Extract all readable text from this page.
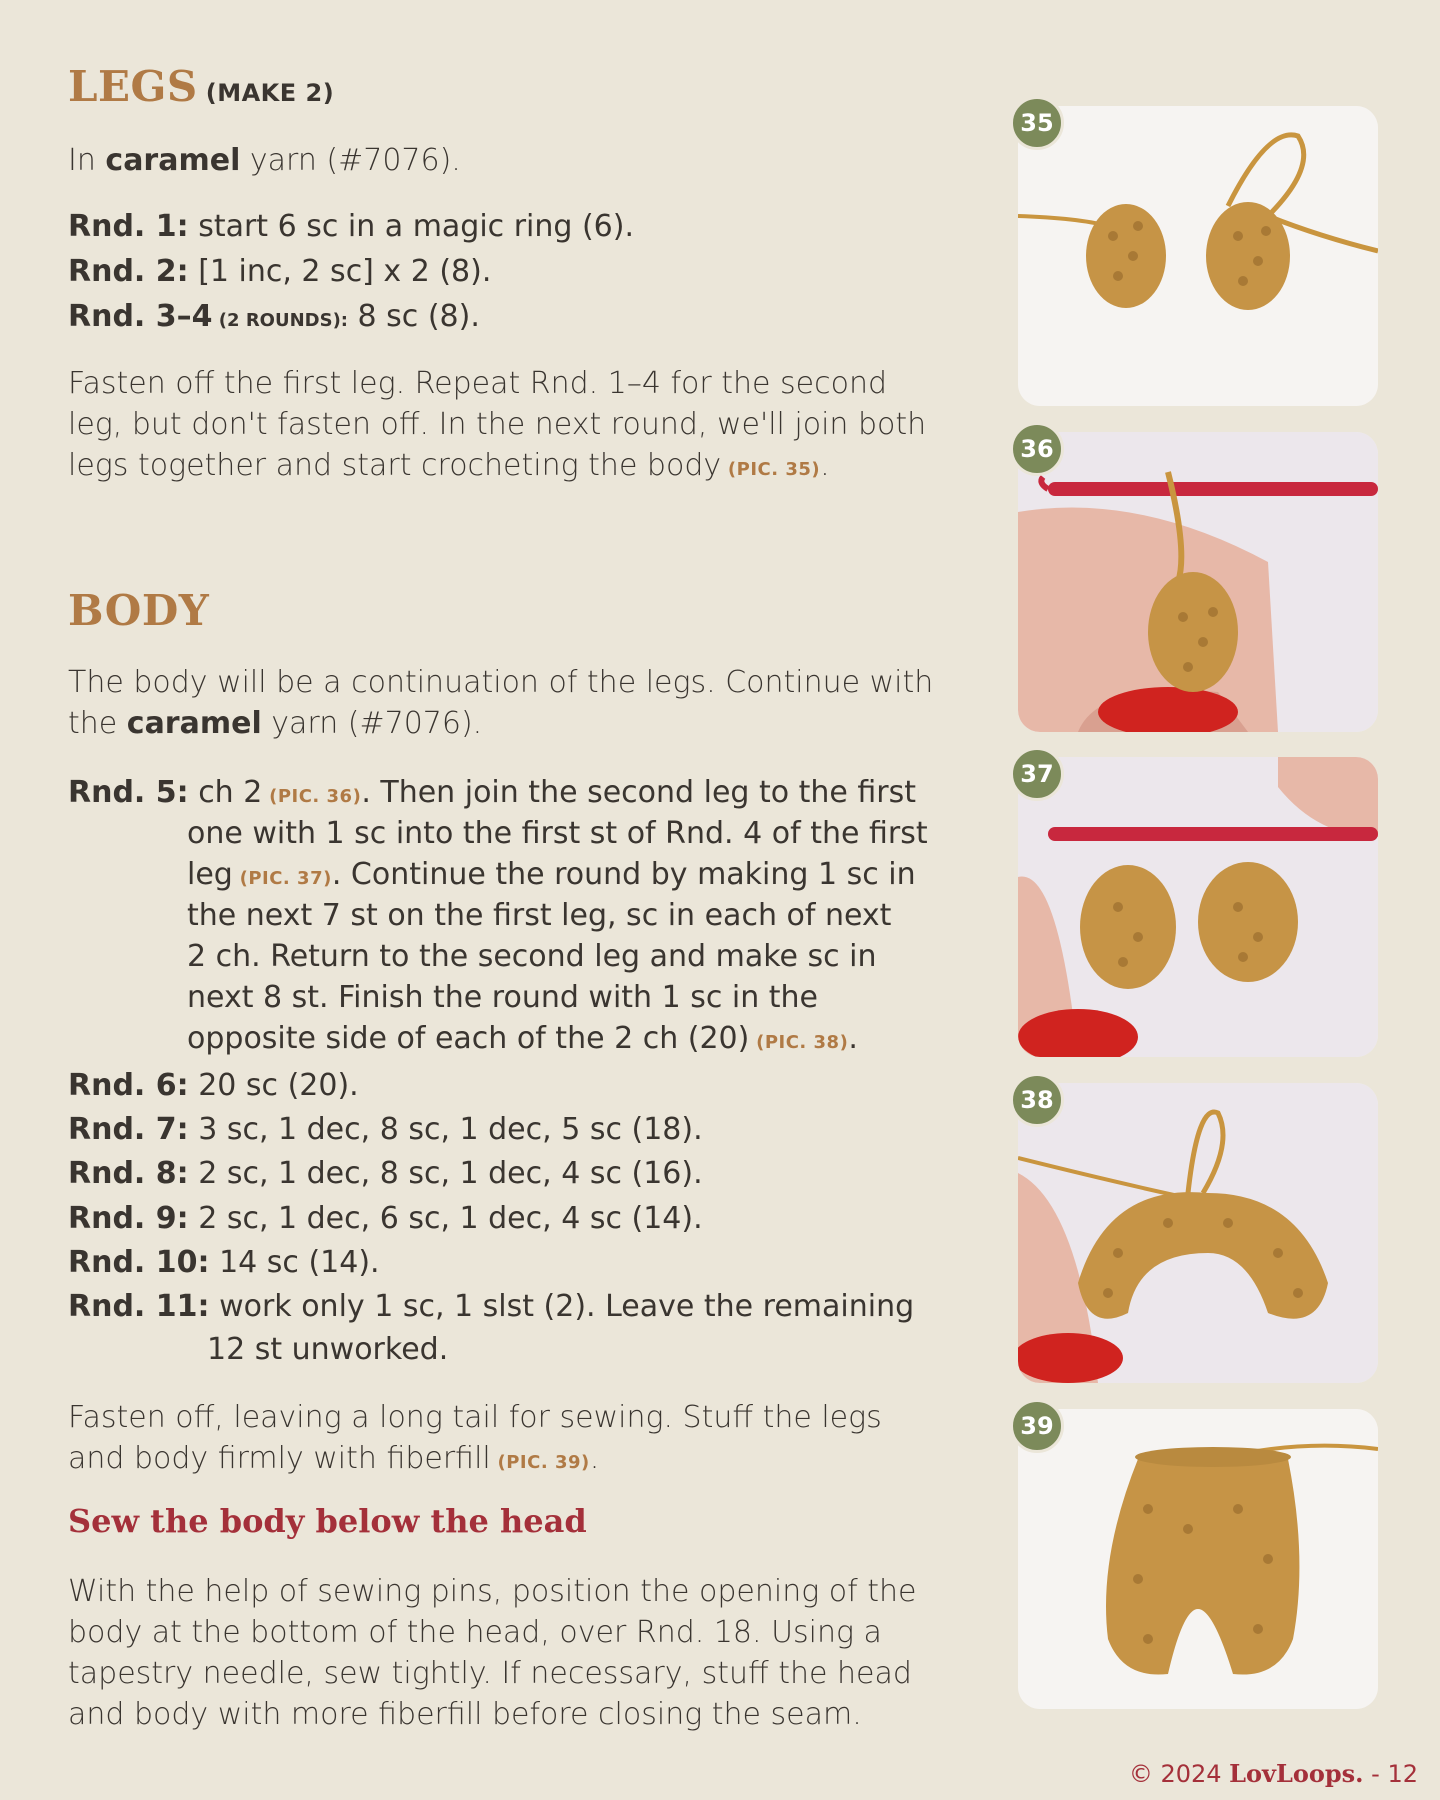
LEGS (MAKE 2)
In caramel yarn (#7076).
Rnd. 1: start 6 sc in a magic ring (6).
Rnd. 2: [1 inc, 2 sc] x 2 (8).
Rnd. 3–4 (2 ROUNDS): 8 sc (8).
Fasten off the first leg. Repeat Rnd. 1–4 for the second
leg, but don't fasten off. In the next round, we'll join both
legs together and start crocheting the body (PIC. 35).
BODY
The body will be a continuation of the legs. Continue with
the caramel yarn (#7076).
Rnd. 5: ch 2 (PIC. 36). Then join the second leg to the first
one with 1 sc into the first st of Rnd. 4 of the first
leg (PIC. 37). Continue the round by making 1 sc in
the next 7 st on the first leg, sc in each of next
2 ch. Return to the second leg and make sc in
next 8 st. Finish the round with 1 sc in the
opposite side of each of the 2 ch (20) (PIC. 38).
Rnd. 6: 20 sc (20).
Rnd. 7: 3 sc, 1 dec, 8 sc, 1 dec, 5 sc (18).
Rnd. 8: 2 sc, 1 dec, 8 sc, 1 dec, 4 sc (16).
Rnd. 9: 2 sc, 1 dec, 6 sc, 1 dec, 4 sc (14).
Rnd. 10: 14 sc (14).
Rnd. 11: work only 1 sc, 1 slst (2). Leave the remaining
12 st unworked.
Fasten off, leaving a long tail for sewing. Stuff the legs
and body firmly with fiberfill (PIC. 39).
Sew the body below the head
With the help of sewing pins, position the opening of the
body at the bottom of the head, over Rnd. 18. Using a
tapestry needle, sew tightly. If necessary, stuff the head
and body with more fiberfill before closing the seam.
35
36
37
38
39
© 2024 LovLoops. - 12
